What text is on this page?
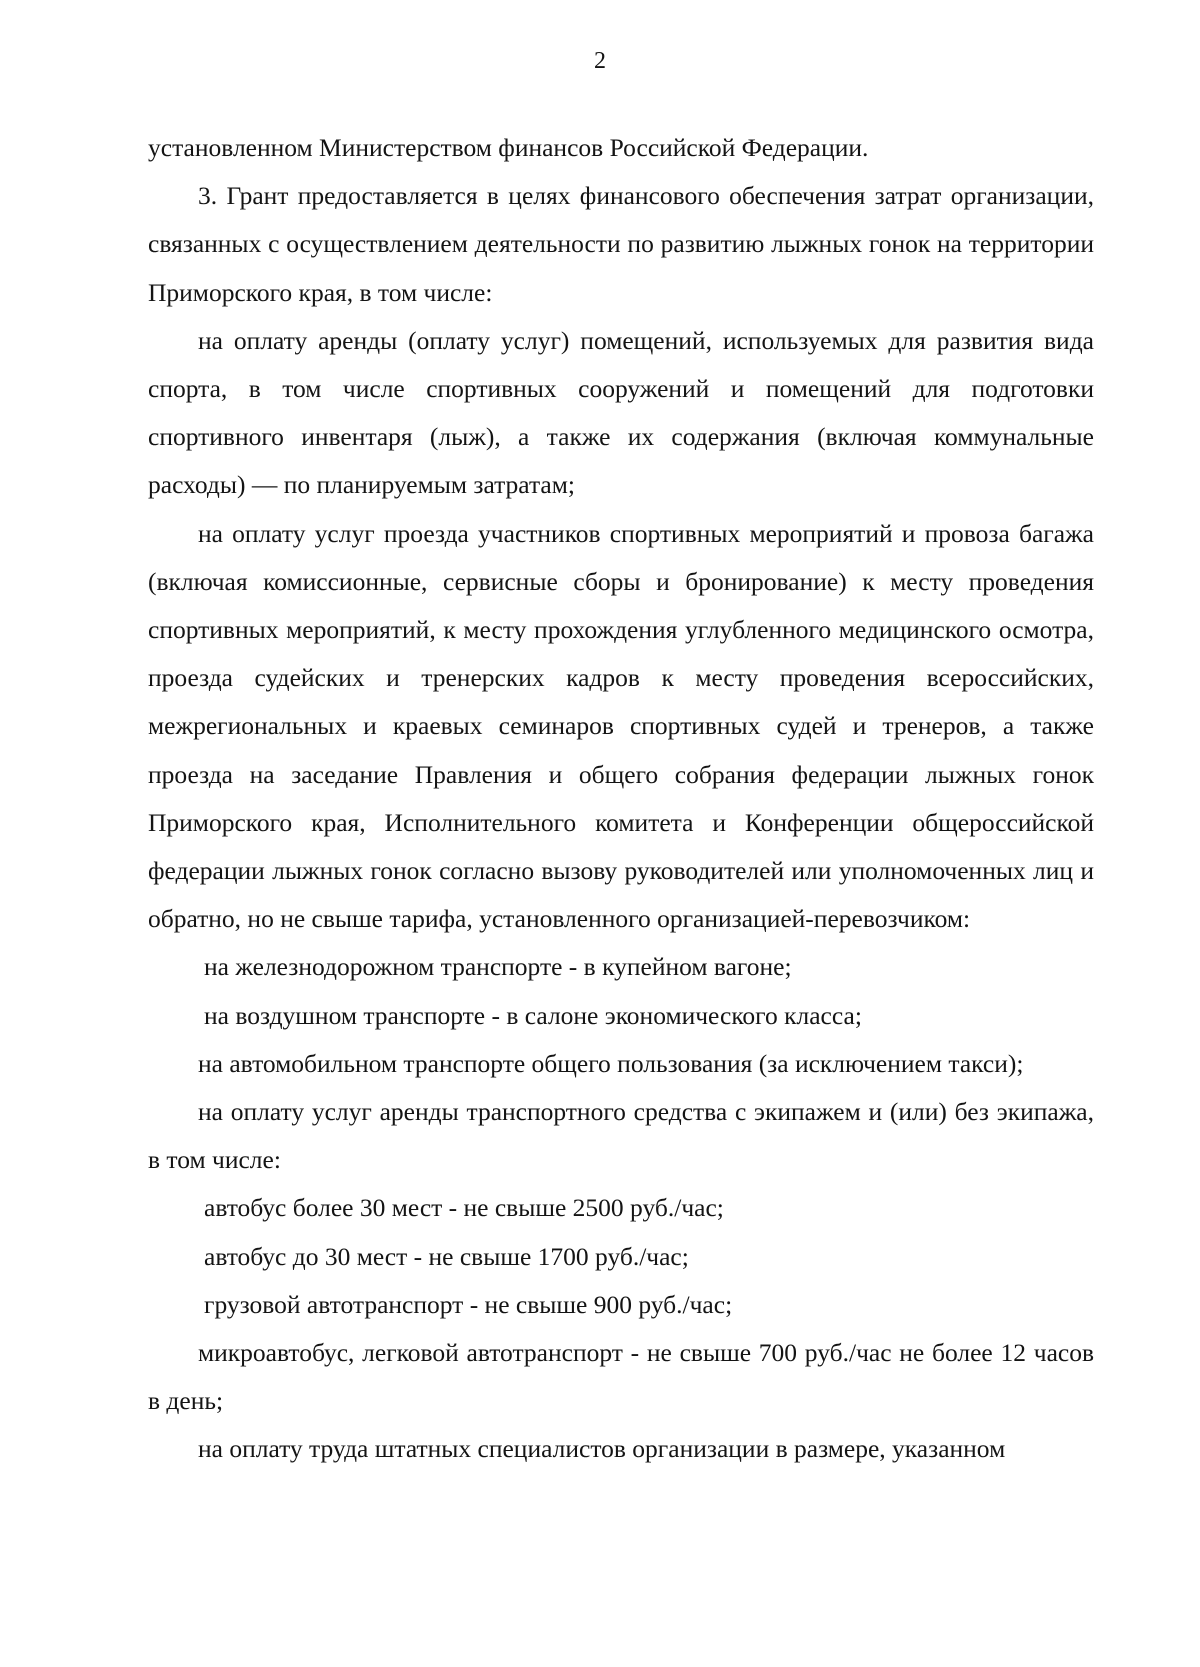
2

установленном Министерством финансов Российской Федерации.

3. Грант предоставляется в целях финансового обеспечения затрат организации, связанных с осуществлением деятельности по развитию лыжных гонок на территории Приморского края, в том числе:

на оплату аренды (оплату услуг) помещений, используемых для развития вида спорта, в том числе спортивных сооружений и помещений для подготовки спортивного инвентаря (лыж), а также их содержания (включая коммунальные расходы) — по планируемым затратам;

на оплату услуг проезда участников спортивных мероприятий и провоза багажа (включая комиссионные, сервисные сборы и бронирование) к месту проведения спортивных мероприятий, к месту прохождения углубленного медицинского осмотра, проезда судейских и тренерских кадров к месту проведения всероссийских, межрегиональных и краевых семинаров спортивных судей и тренеров, а также проезда на заседание Правления и общего собрания федерации лыжных гонок Приморского края, Исполнительного комитета и Конференции общероссийской федерации лыжных гонок согласно вызову руководителей или уполномоченных лиц и обратно, но не свыше тарифа, установленного организацией-перевозчиком:

на железнодорожном транспорте - в купейном вагоне;

на воздушном транспорте - в салоне экономического класса;

на автомобильном транспорте общего пользования (за исключением такси);

на оплату услуг аренды транспортного средства с экипажем и (или) без экипажа, в том числе:

автобус более 30 мест - не свыше 2500 руб./час;

автобус до 30 мест - не свыше 1700 руб./час;

грузовой автотранспорт - не свыше 900 руб./час;

микроавтобус, легковой автотранспорт - не свыше 700 руб./час не более 12 часов в день;

на оплату труда штатных специалистов организации в размере, указанном
